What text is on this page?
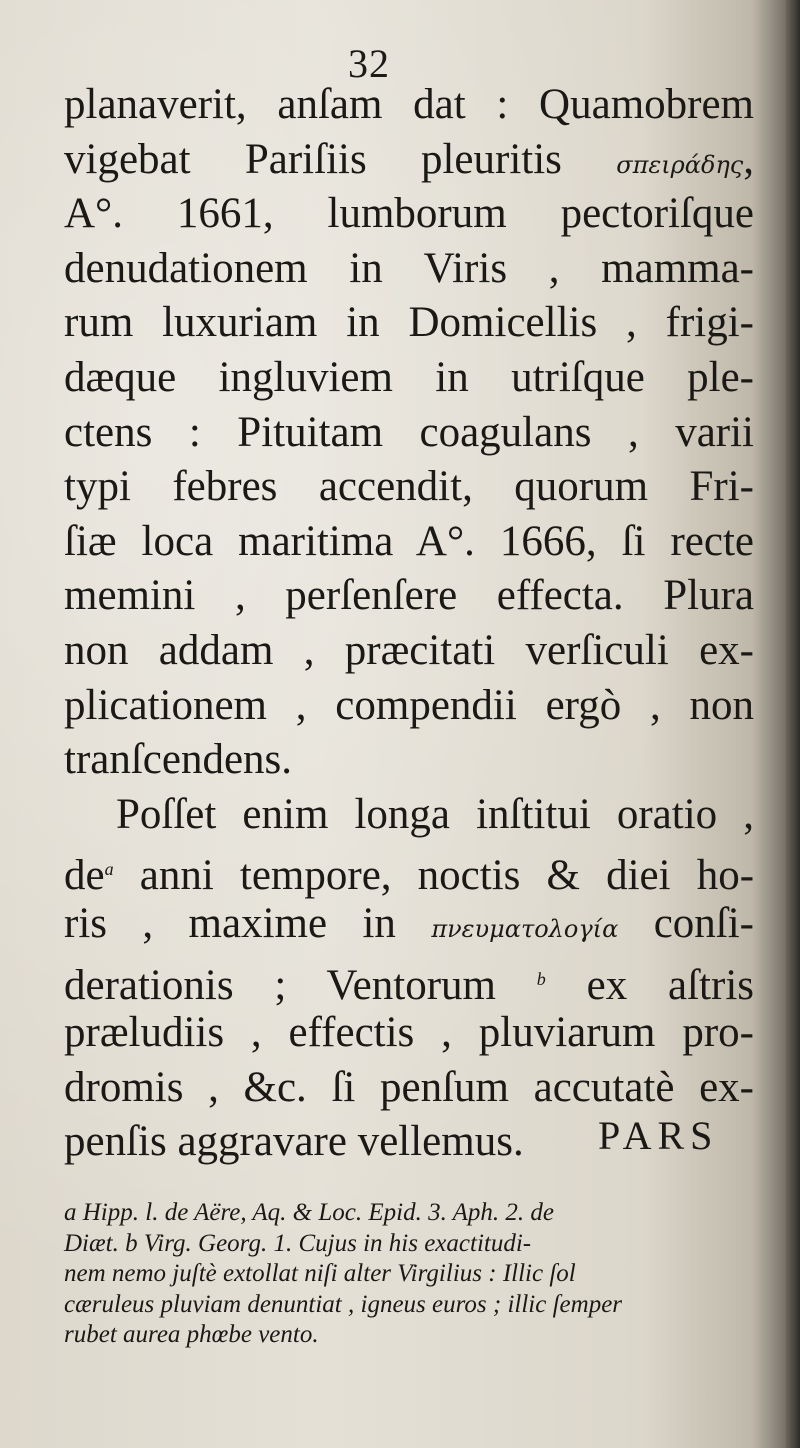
32
planaverit, anſam dat : Quamobrem
vigebat Pariſiis pleuritis σπειράδης,
A°. 1661, lumborum pectoriſque
denudationem in Viris , mamma-
rum luxuriam in Domicellis , frigi-
dæque ingluviem in utriſque ple-
ctens : Pituitam coagulans , varii
typi febres accendit, quorum Fri-
ſiæ loca maritima A°. 1666, ſi recte
memini , perſenſere effecta. Plura
non addam , præcitati verſiculi ex-
plicationem , compendii ergò , non
tranſcendens.
Poſſet enim longa inſtitui oratio ,
$de^a$ anni tempore, noctis & diei ho-
ris , maxime in πνευματολογία conſi-
derationis ; Ventorum $^b$ ex aſtris
præludiis , effectis , pluviarum pro-
dromis , &c. ſi penſum accutatè ex-
penſis aggravare vellemus.	PARS
a Hipp. l. de Aëre, Aq. & Loc. Epid. 3. Aph. 2. de
Diæt. b Virg. Georg. 1. Cujus in his exactitudi-
nem nemo juſtè extollat niſi alter Virgilius : Illic ſol
cæruleus pluviam denuntiat , igneus euros ; illic ſemper
rubet aurea phœbe vento.
